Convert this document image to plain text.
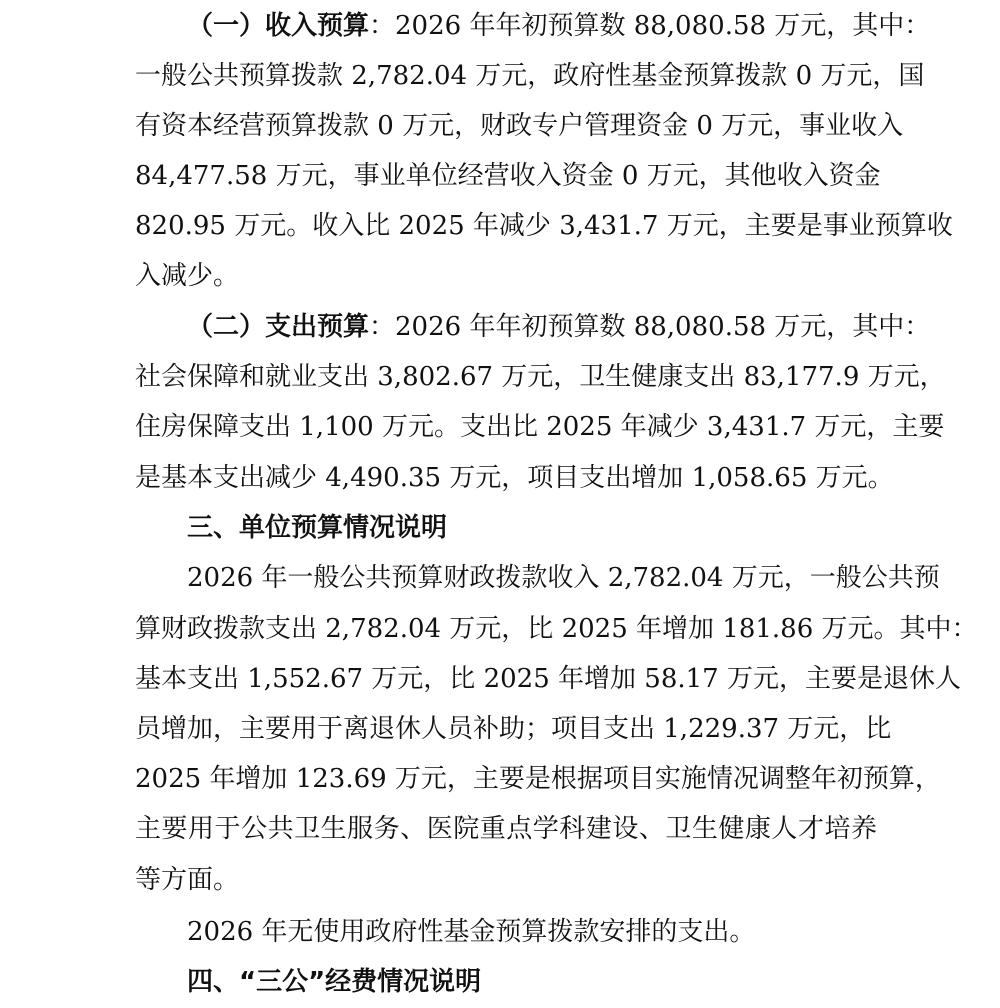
（一）收入预算：2026 年年初预算数 88,080.58 万元，其中：
一般公共预算拨款 2,782.04 万元，政府性基金预算拨款 0 万元，国
有资本经营预算拨款 0 万元，财政专户管理资金 0 万元，事业收入
84,477.58 万元，事业单位经营收入资金 0 万元，其他收入资金
820.95 万元。收入比 2025 年减少 3,431.7 万元，主要是事业预算收
入减少。
（二）支出预算：2026 年年初预算数 88,080.58 万元，其中：
社会保障和就业支出 3,802.67 万元，卫生健康支出 83,177.9 万元，
住房保障支出 1,100 万元。支出比 2025 年减少 3,431.7 万元，主要
是基本支出减少 4,490.35 万元，项目支出增加 1,058.65 万元。
三、单位预算情况说明
2026 年一般公共预算财政拨款收入 2,782.04 万元，一般公共预
算财政拨款支出 2,782.04 万元，比 2025 年增加 181.86 万元。其中：
基本支出 1,552.67 万元，比 2025 年增加 58.17 万元，主要是退休人
员增加，主要用于离退休人员补助；项目支出 1,229.37 万元，比
2025 年增加 123.69 万元，主要是根据项目实施情况调整年初预算，
主要用于公共卫生服务、医院重点学科建设、卫生健康人才培养
等方面。
2026 年无使用政府性基金预算拨款安排的支出。
四、“三公”经费情况说明
